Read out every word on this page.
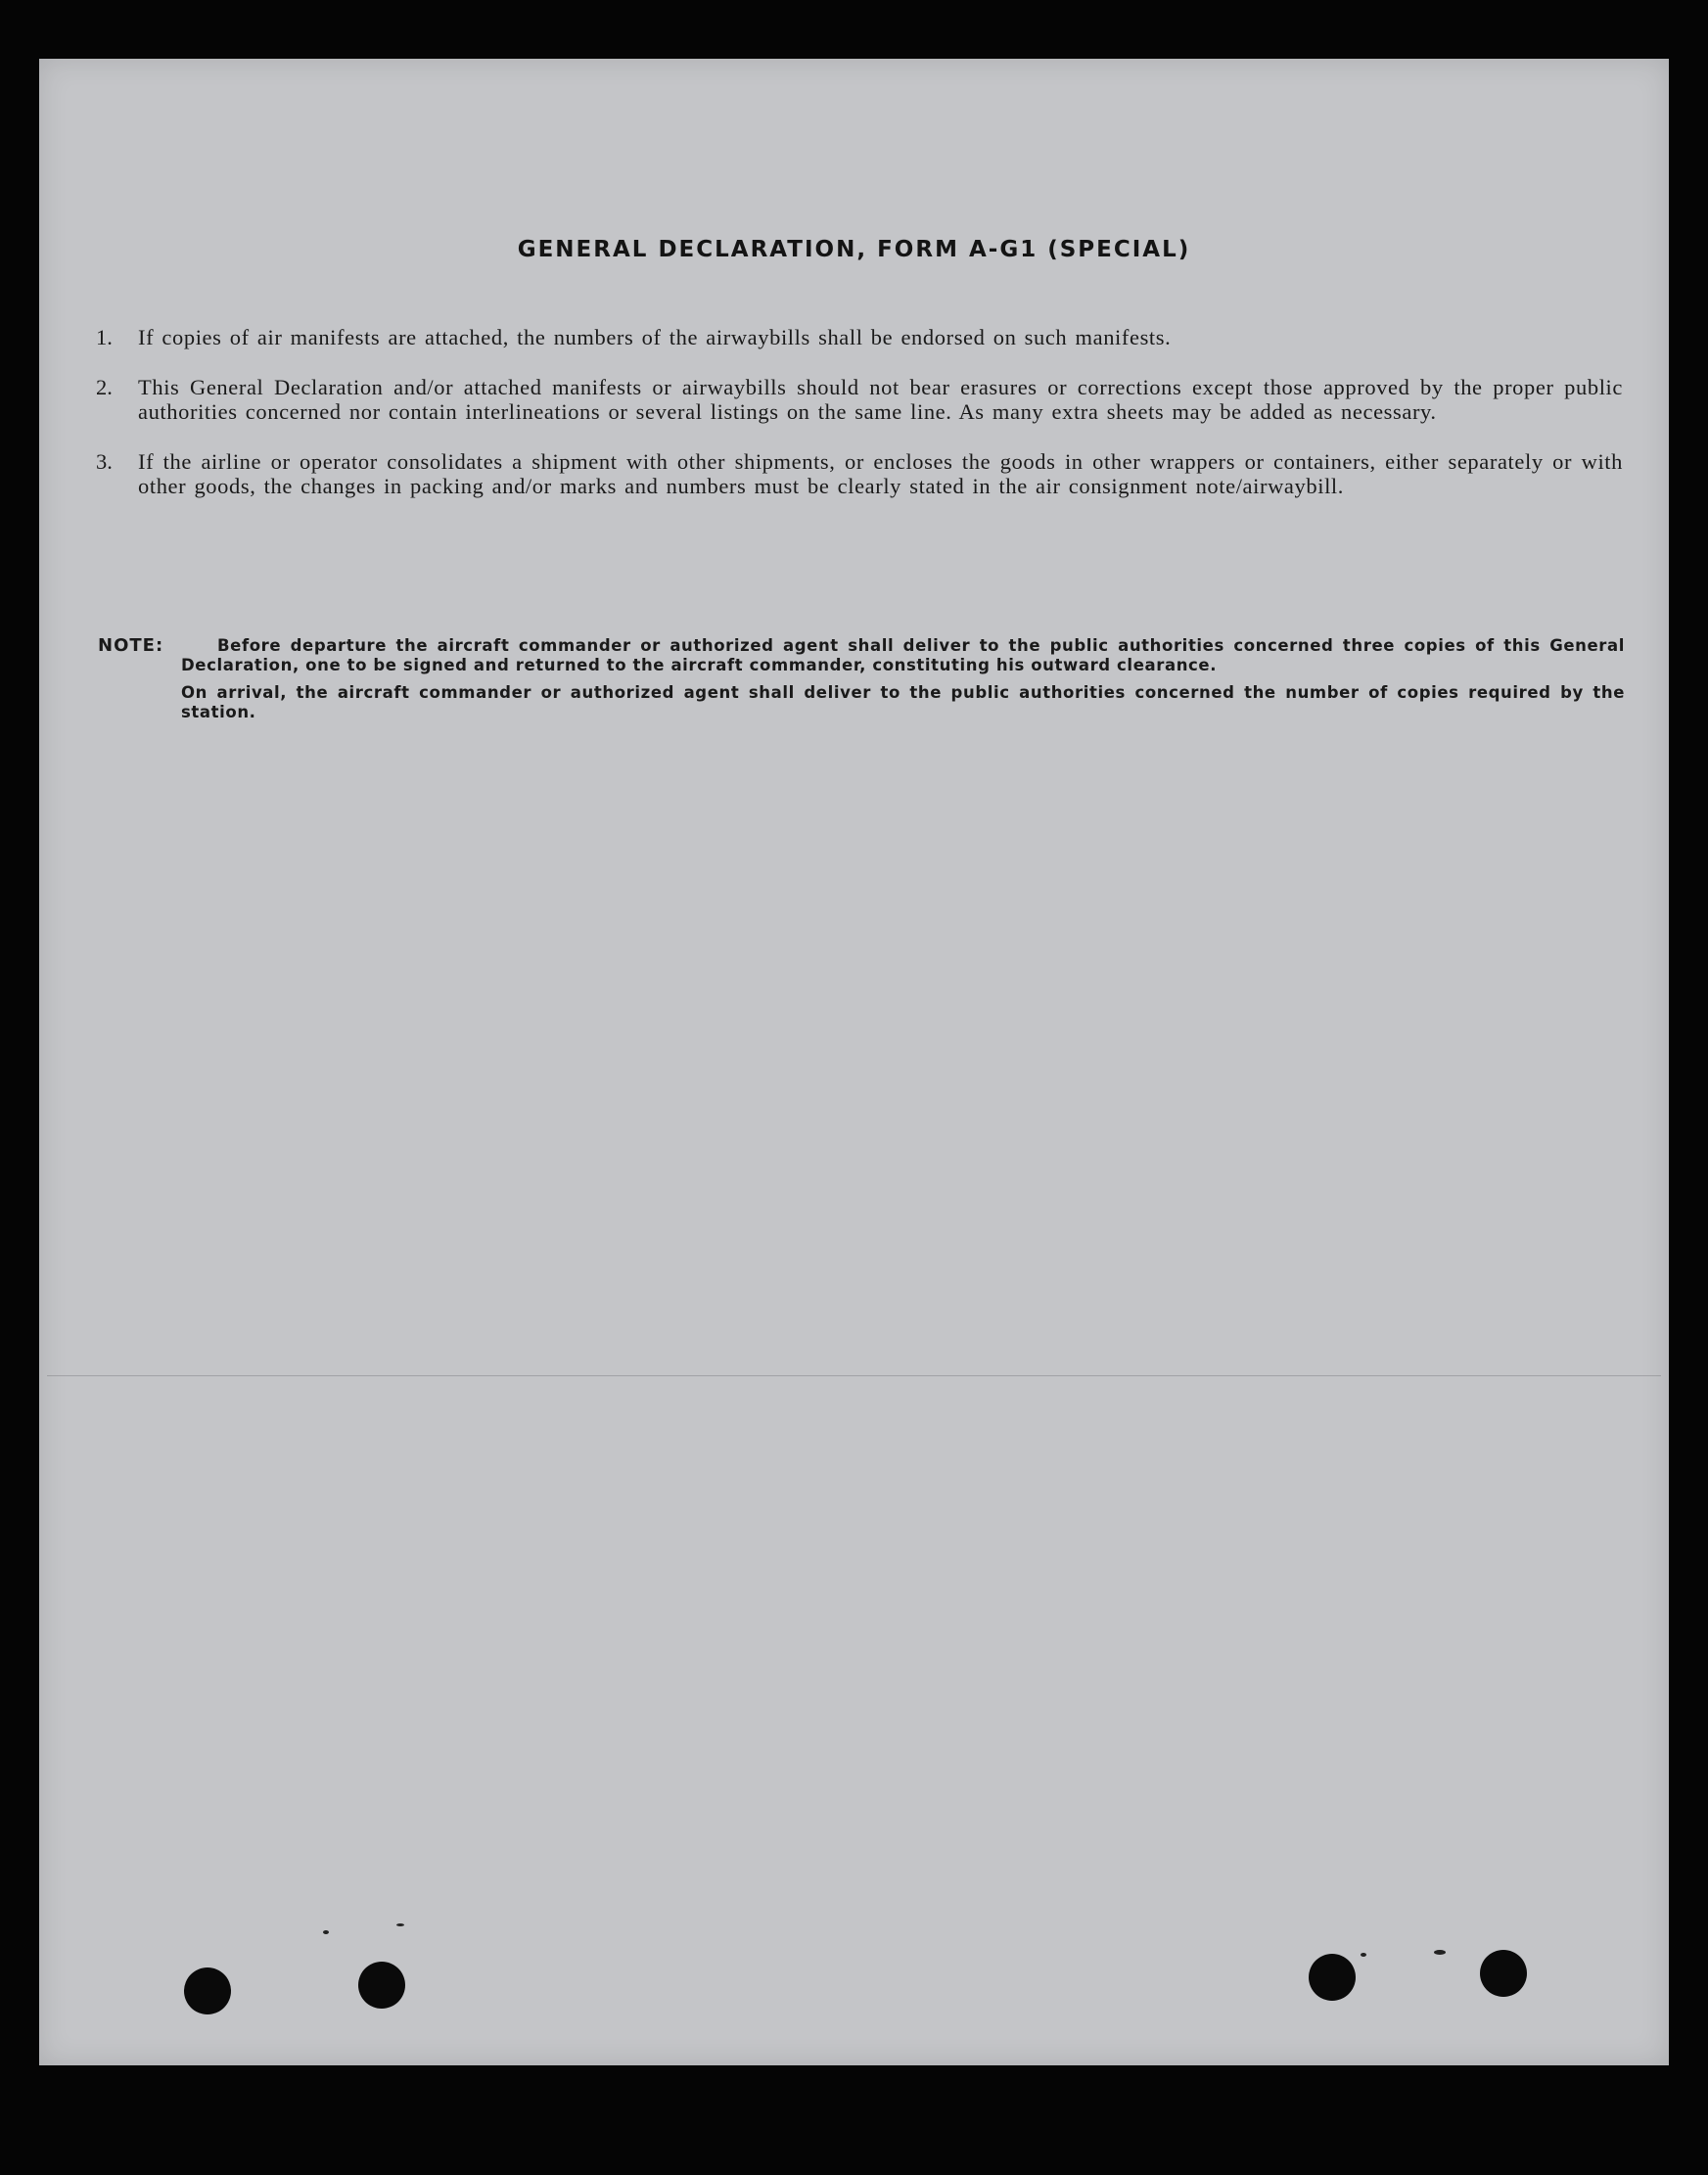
GENERAL DECLARATION, FORM A-G1 (SPECIAL)
1.	If copies of air manifests are attached, the numbers of the airwaybills shall be endorsed on such manifests.
2.	This General Declaration and/or attached manifests or airwaybills should not bear erasures or corrections except those approved by the proper public authorities concerned nor contain interlineations or several listings on the same line. As many extra sheets may be added as necessary.
3.	If the airline or operator consolidates a shipment with other shipments, or encloses the goods in other wrappers or containers, either separately or with other goods, the changes in packing and/or marks and numbers must be clearly stated in the air consignment note/airwaybill.
NOTE:	Before departure the aircraft commander or authorized agent shall deliver to the public authorities concerned three copies of this General Declaration, one to be signed and returned to the aircraft commander, constituting his outward clearance.

On arrival, the aircraft commander or authorized agent shall deliver to the public authorities concerned the number of copies required by the station.
